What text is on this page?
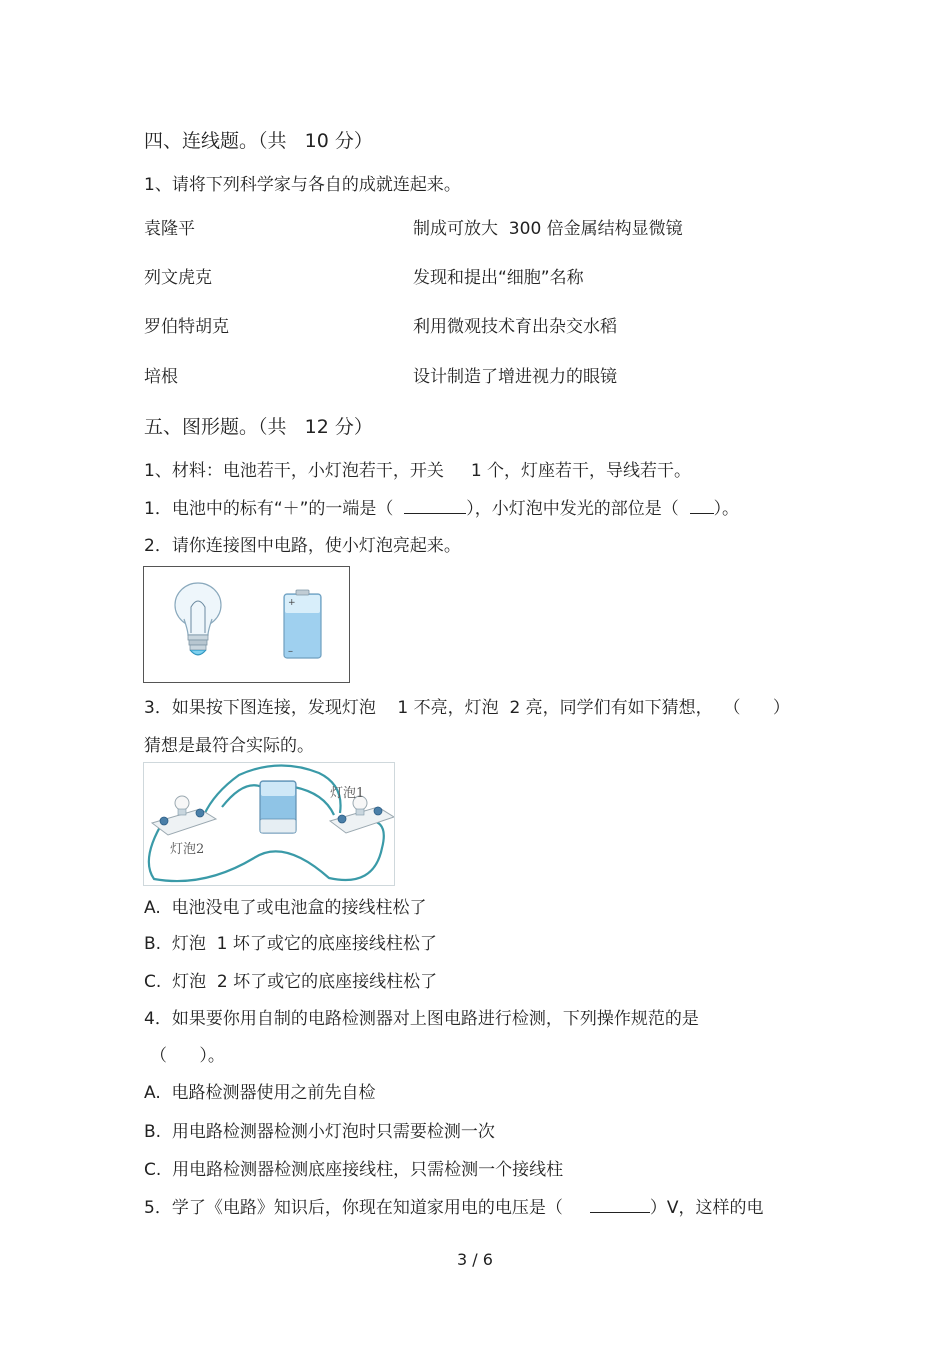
四、连线题。（共   10 分）
1、请将下列科学家与各自的成就连起来。
袁隆平	制成可放大  300 倍金属结构显微镜
列文虎克	发现和提出“细胞”名称
罗伯特胡克	利用微观技术育出杂交水稻
培根	设计制造了增进视力的眼镜
五、图形题。（共   12 分）
1、材料：电池若干，小灯泡若干，开关     1 个，灯座若干，导线若干。
1．电池中的标有“＋”的一端是（	），小灯泡中发光的部位是（ ）。
2．请你连接图中电路，使小灯泡亮起来。
+
–
3．如果按下图连接，发现灯泡    1 不亮，灯泡  2 亮，同学们有如下猜想，  （      ）
猜想是最符合实际的。
灯泡1
灯泡2
A.  电池没电了或电池盒的接线柱松了
B.  灯泡  1 坏了或它的底座接线柱松了
C.  灯泡  2 坏了或它的底座接线柱松了
4．如果要你用自制的电路检测器对上图电路进行检测，下列操作规范的是
（      ）。
A.  电路检测器使用之前先自检
B.  用电路检测器检测小灯泡时只需要检测一次
C.  用电路检测器检测底座接线柱，只需检测一个接线柱
5．学了《电路》知识后，你现在知道家用电的电压是（	）V，这样的电
3 / 6
